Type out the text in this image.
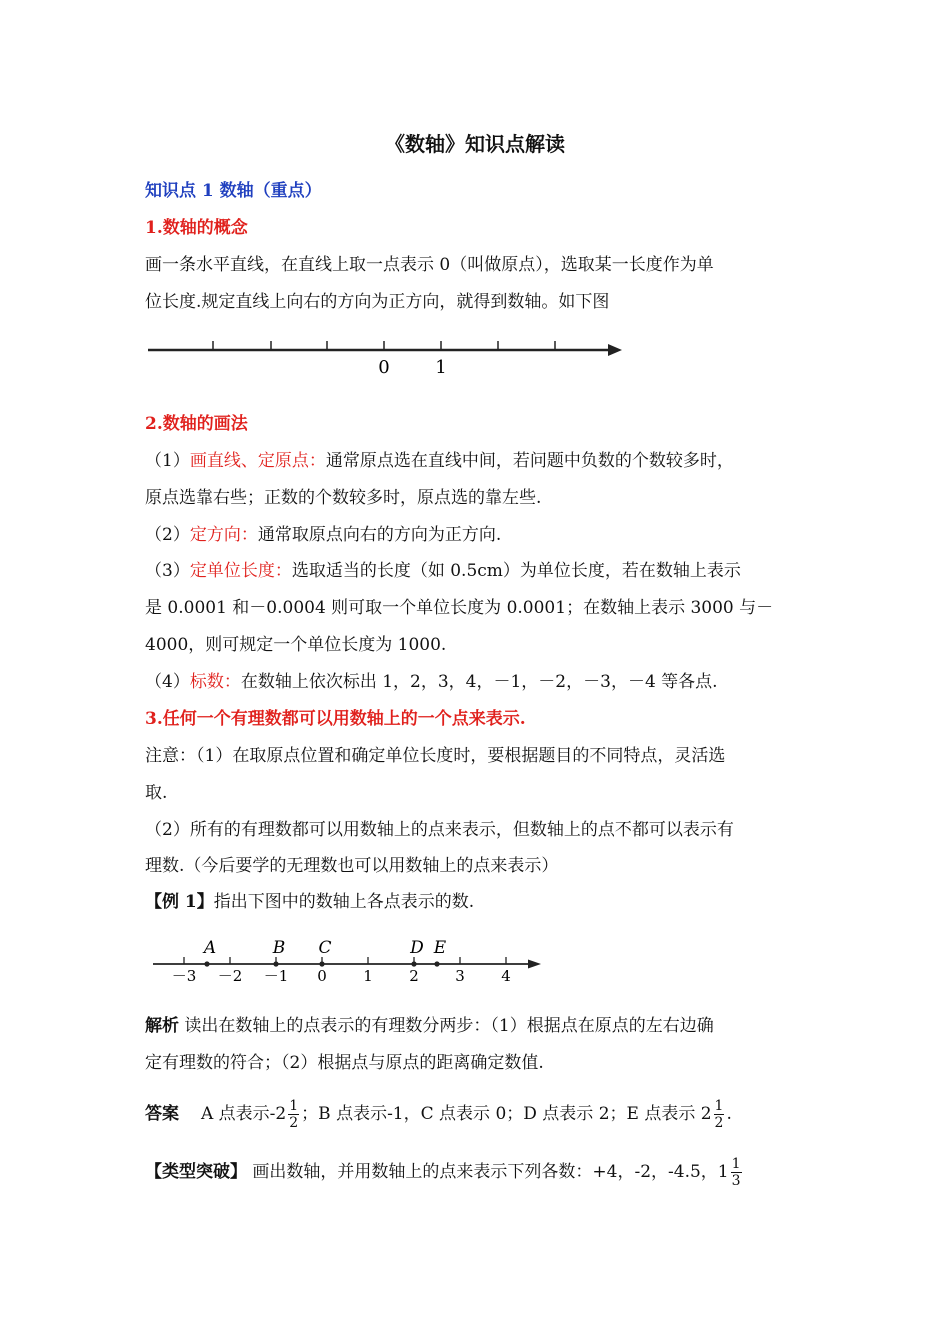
《数轴》知识点解读
知识点 1 数轴（重点）
1.数轴的概念
画一条水平直线，在直线上取一点表示 0（叫做原点），选取某一长度作为单
位长度.规定直线上向右的方向为正方向，就得到数轴。如下图
0	1
2.数轴的画法
（1）画直线、定原点：通常原点选在直线中间，若问题中负数的个数较多时，
原点选靠右些；正数的个数较多时，原点选的靠左些.
（2）定方向：通常取原点向右的方向为正方向.
（3）定单位长度：选取适当的长度（如 0.5cm）为单位长度，若在数轴上表示
是 0.0001 和－0.0004 则可取一个单位长度为 0.0001；在数轴上表示 3000 与－
4000，则可规定一个单位长度为 1000.
（4）标数：在数轴上依次标出 1，2，3，4，－1，－2，－3，－4 等各点.
3.任何一个有理数都可以用数轴上的一个点来表示.
注意：（1）在取原点位置和确定单位长度时，要根据题目的不同特点，灵活选
取.
（2）所有的有理数都可以用数轴上的点来表示，但数轴上的点不都可以表示有
理数.（今后要学的无理数也可以用数轴上的点来表示）
【例 1】指出下图中的数轴上各点表示的数.
－3 －2 －1 0 1 2 3 4
A	B C	D E
解析 读出在数轴上的点表示的有理数分两步：（1）根据点在原点的左右边确
定有理数的符合；（2）根据点与原点的距离确定数值.
答案 A 点表示$-2 \frac{1}{2}$ ；B 点表示-1，C 点表示 0；D 点表示 2；E 点表示 $2 \frac{1}{2}$ .
【类型突破】 画出数轴，并用数轴上的点来表示下列各数：+4，-2，-4.5，$1 \frac{1}{3}$
